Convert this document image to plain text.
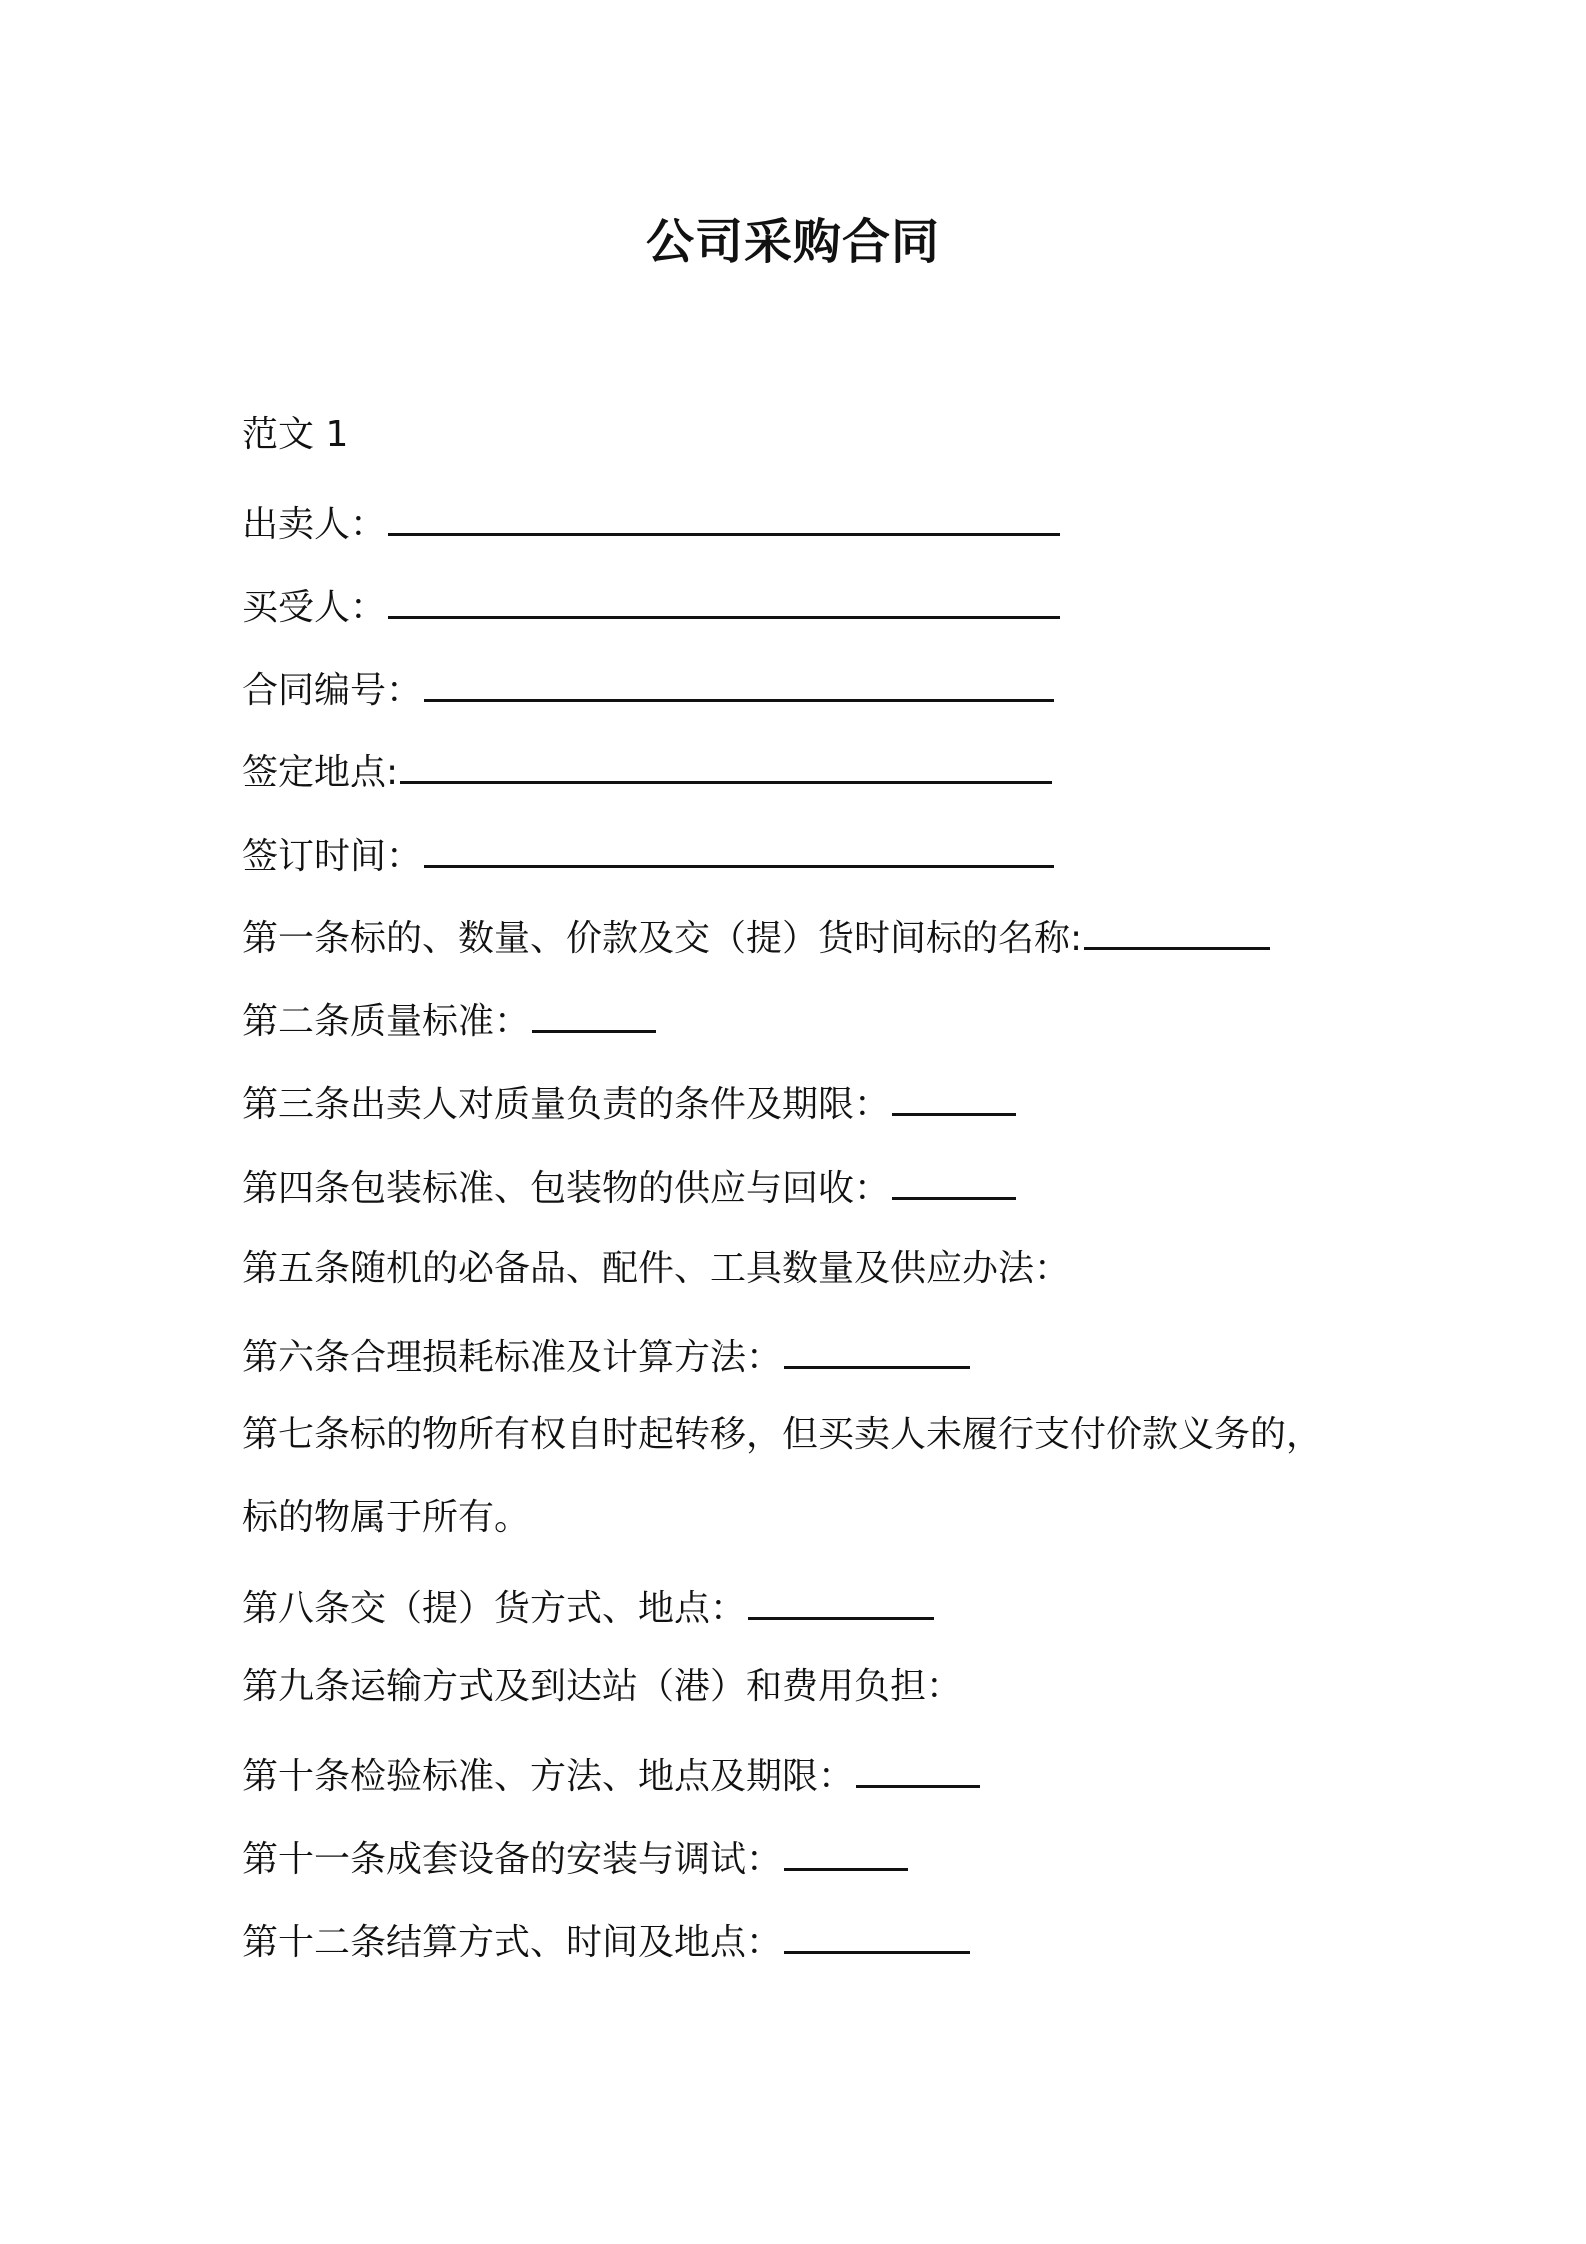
公司采购合同
范文 1
出卖人：
买受人：
合同编号：
签定地点:
签订时间：
第一条标的、数量、价款及交（提）货时间标的名称:
第二条质量标准：
第三条出卖人对质量负责的条件及期限：
第四条包装标准、包装物的供应与回收：
第五条随机的必备品、配件、工具数量及供应办法：
第六条合理损耗标准及计算方法：
第七条标的物所有权自时起转移，但买卖人未履行支付价款义务的，
标的物属于所有。
第八条交（提）货方式、地点：
第九条运输方式及到达站（港）和费用负担：
第十条检验标准、方法、地点及期限：
第十一条成套设备的安装与调试：
第十二条结算方式、时间及地点：
